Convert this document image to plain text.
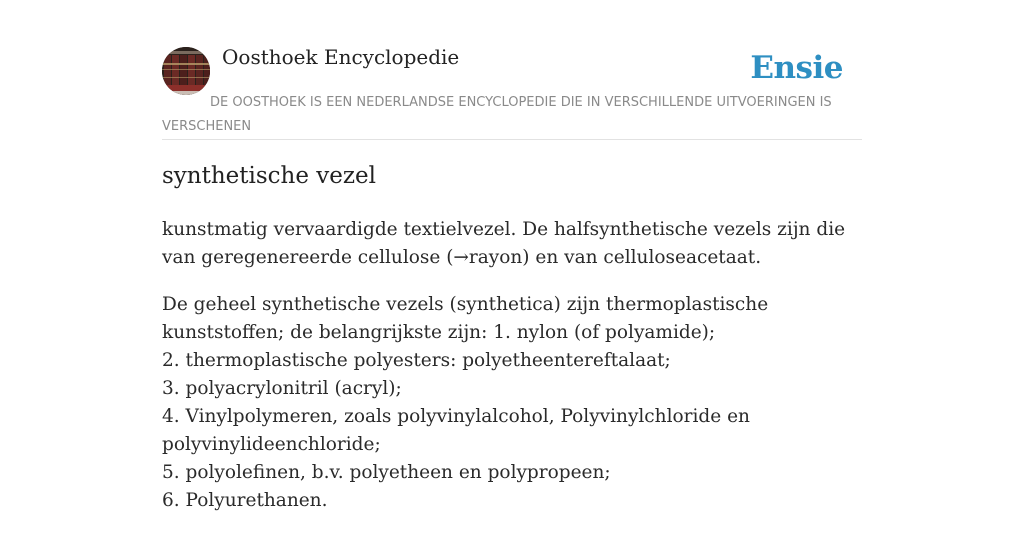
Oosthoek Encyclopedie	Ensie
DE OOSTHOEK IS EEN NEDERLANDSE ENCYCLOPEDIE DIE IN VERSCHILLENDE UITVOERINGEN IS VERSCHENEN
synthetische vezel

kunstmatig vervaardigde textielvezel. De halfsynthetische vezels zijn die van geregenereerde cellulose (→rayon) en van celluloseacetaat.

De geheel synthetische vezels (synthetica) zijn thermoplastische kunststoffen; de belangrijkste zijn: 1. nylon (of polyamide);
2. thermoplastische polyesters: polyetheentereftalaat;
3. polyacrylonitril (acryl);
4. Vinylpolymeren, zoals polyvinylalcohol, Polyvinylchloride en polyvinylideenchloride;
5. polyolefinen, b.v. polyetheen en polypropeen;
6. Polyurethanen.
